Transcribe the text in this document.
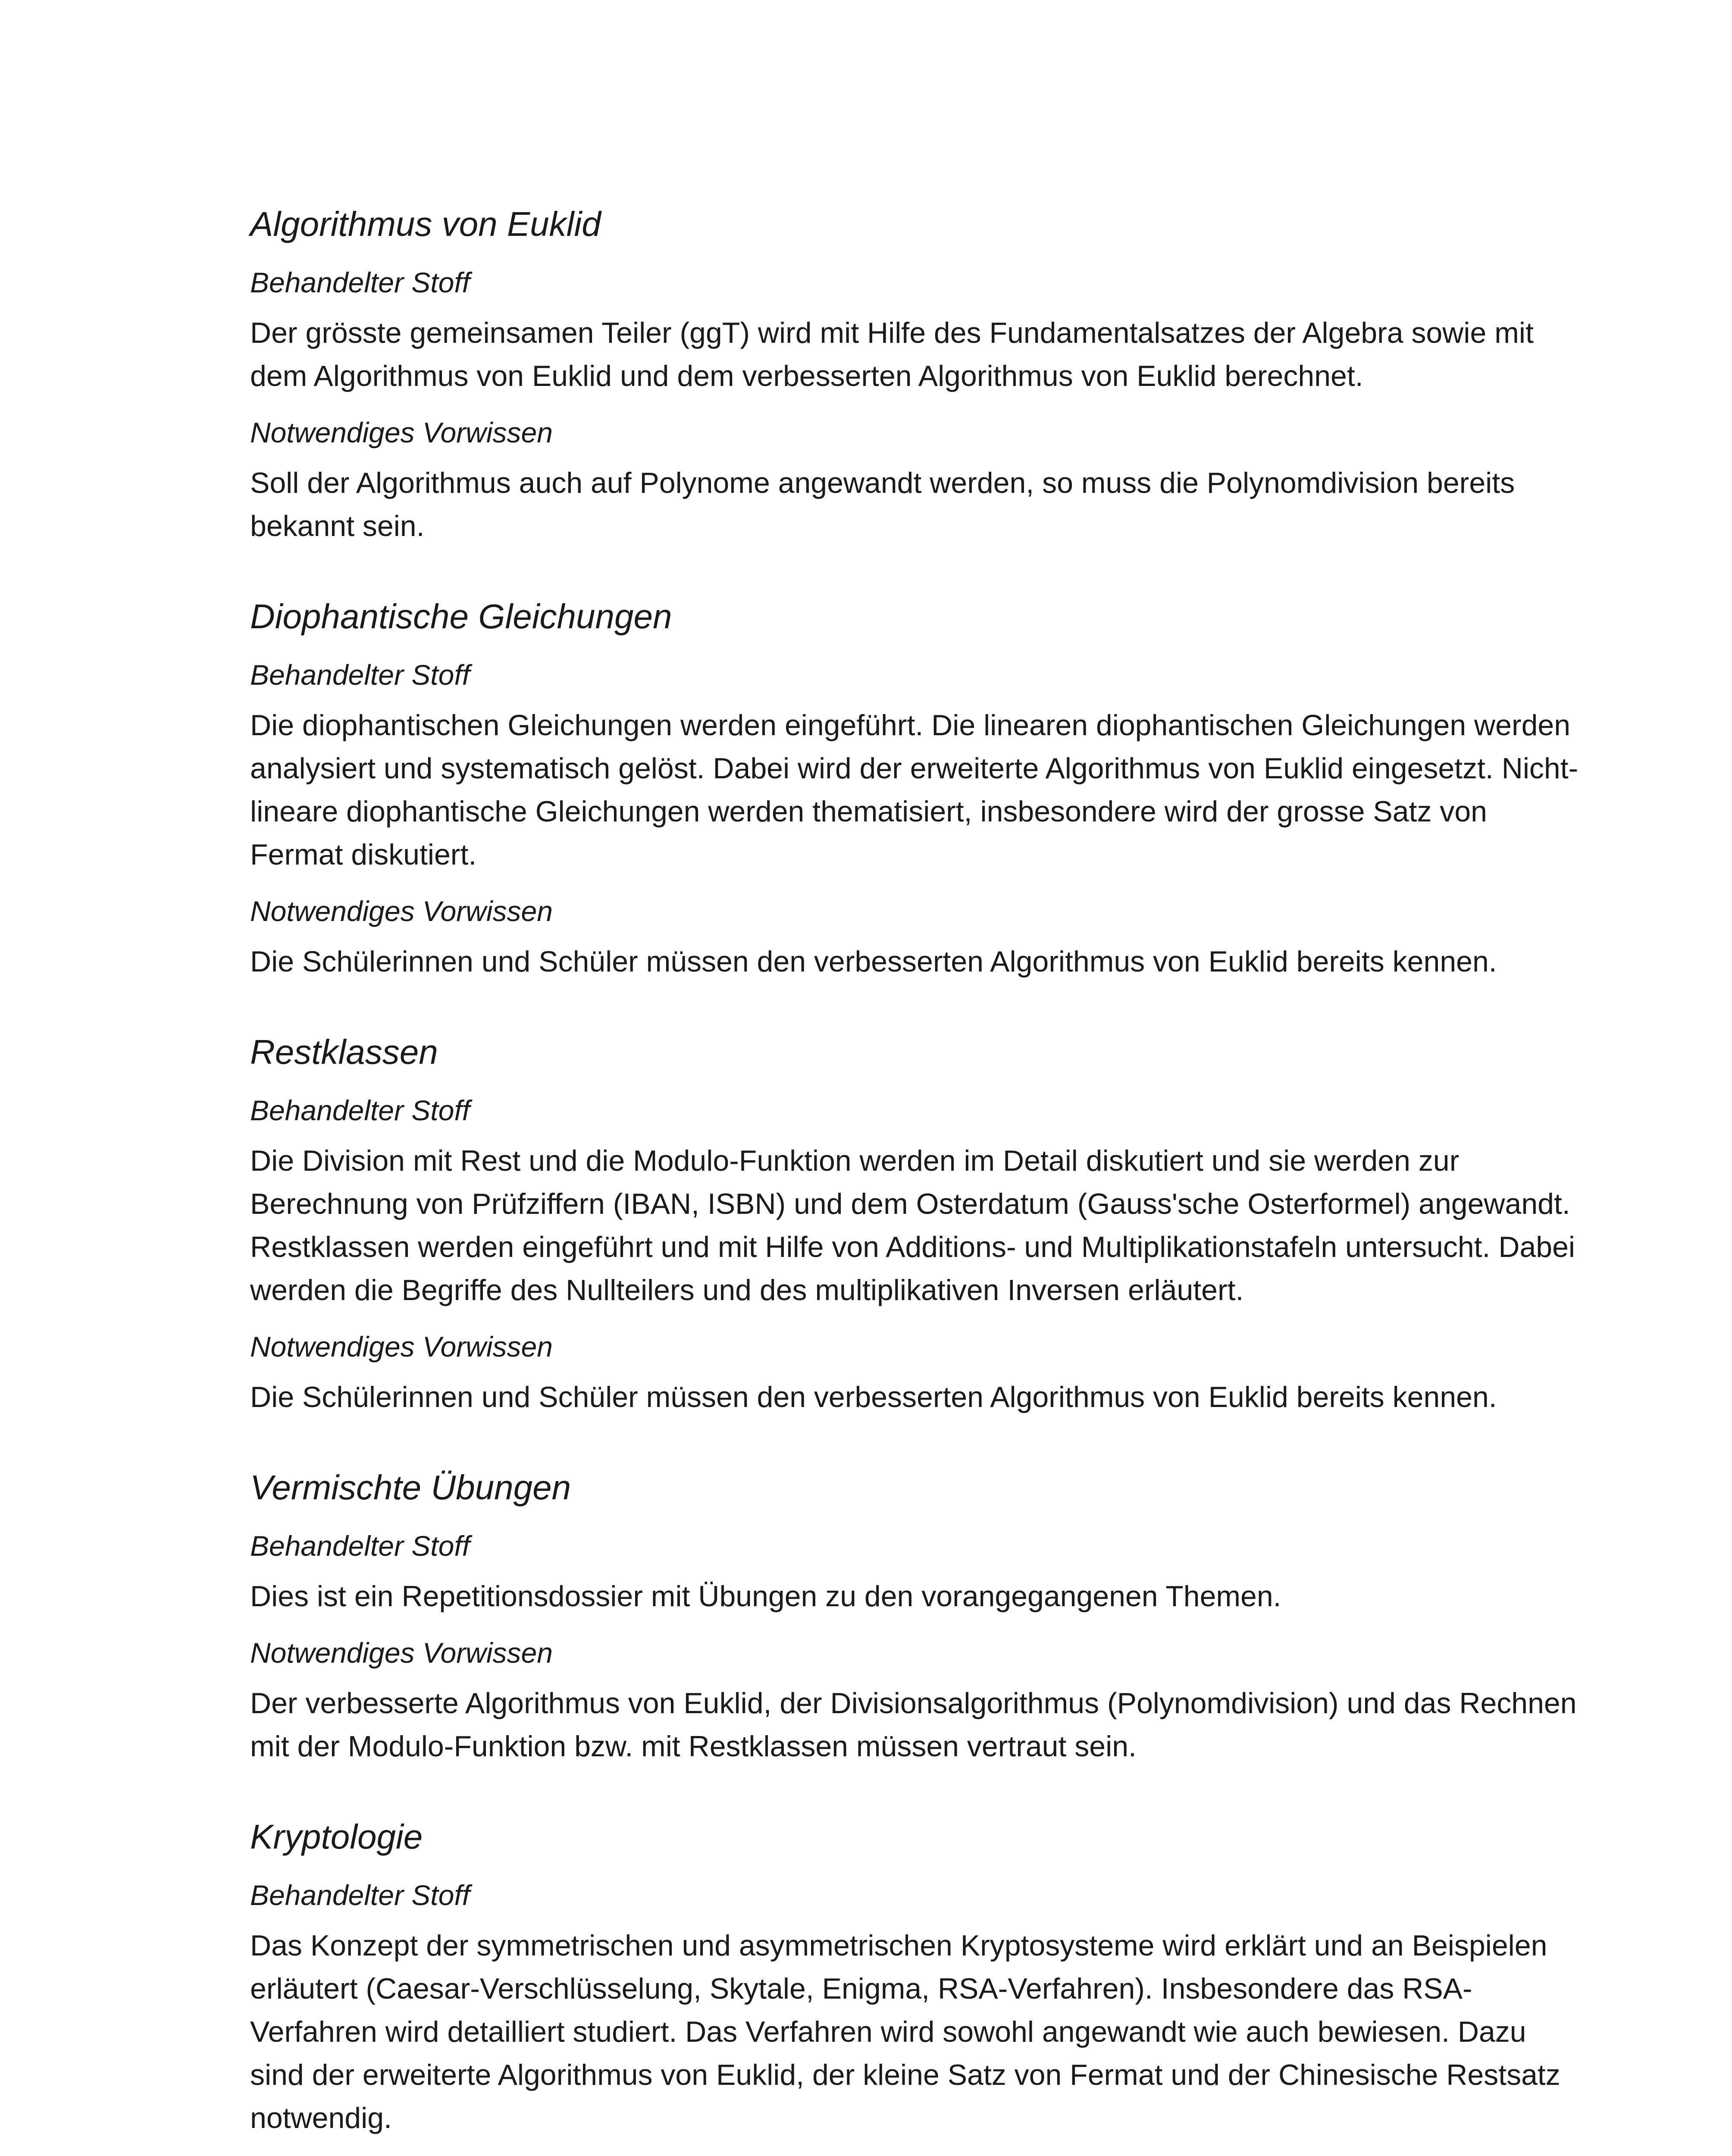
Algorithmus von Euklid
Behandelter Stoff

Der grösste gemeinsamen Teiler (ggT) wird mit Hilfe des Fundamentalsatzes der Algebra sowie mit dem Algorithmus von Euklid und dem verbesserten Algorithmus von Euklid berechnet.

Notwendiges Vorwissen

Soll der Algorithmus auch auf Polynome angewandt werden, so muss die Polynomdivision bereits bekannt sein.

Diophantische Gleichungen
Behandelter Stoff

Die diophantischen Gleichungen werden eingeführt. Die linearen diophantischen Gleichungen werden analysiert und systematisch gelöst. Dabei wird der erweiterte Algorithmus von Euklid eingesetzt. Nicht-lineare diophantische Gleichungen werden thematisiert, insbesondere wird der grosse Satz von Fermat diskutiert.

Notwendiges Vorwissen

Die Schülerinnen und Schüler müssen den verbesserten Algorithmus von Euklid bereits kennen.

Restklassen
Behandelter Stoff

Die Division mit Rest und die Modulo-Funktion werden im Detail diskutiert und sie werden zur Berechnung von Prüfziffern (IBAN, ISBN) und dem Osterdatum (Gauss'sche Osterformel) angewandt. Restklassen werden eingeführt und mit Hilfe von Additions- und Multiplikationstafeln untersucht. Dabei werden die Begriffe des Nullteilers und des multiplikativen Inversen erläutert.

Notwendiges Vorwissen

Die Schülerinnen und Schüler müssen den verbesserten Algorithmus von Euklid bereits kennen.

Vermischte Übungen
Behandelter Stoff

Dies ist ein Repetitionsdossier mit Übungen zu den vorangegangenen Themen.

Notwendiges Vorwissen

Der verbesserte Algorithmus von Euklid, der Divisionsalgorithmus (Polynomdivision) und das Rechnen mit der Modulo-Funktion bzw. mit Restklassen müssen vertraut sein.

Kryptologie
Behandelter Stoff

Das Konzept der symmetrischen und asymmetrischen Kryptosysteme wird erklärt und an Beispielen erläutert (Caesar-Verschlüsselung, Skytale, Enigma, RSA-Verfahren). Insbesondere das RSA-Verfahren wird detailliert studiert. Das Verfahren wird sowohl angewandt wie auch bewiesen. Dazu sind der erweiterte Algorithmus von Euklid, der kleine Satz von Fermat und der Chinesische Restsatz notwendig.
